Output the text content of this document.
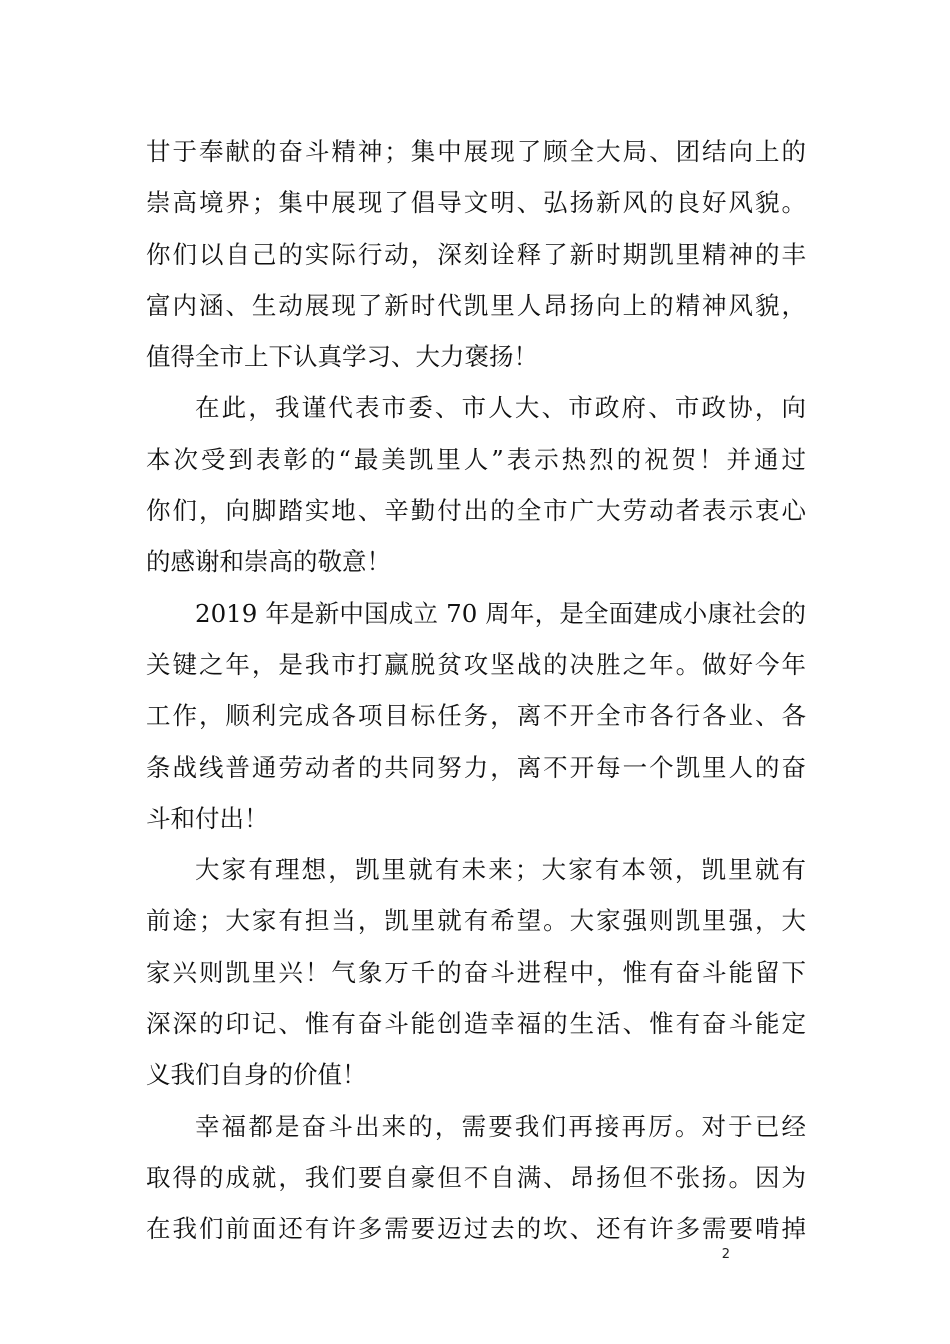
甘于奉献的奋斗精神；集中展现了顾全大局、团结向上的
崇高境界；集中展现了倡导文明、弘扬新风的良好风貌。
你们以自己的实际行动，深刻诠释了新时期凯里精神的丰
富内涵、生动展现了新时代凯里人昂扬向上的精神风貌，
值得全市上下认真学习、大力褒扬！
在此，我谨代表市委、市人大、市政府、市政协，向
本次受到表彰的“最美凯里人”表示热烈的祝贺！并通过
你们，向脚踏实地、辛勤付出的全市广大劳动者表示衷心
的感谢和崇高的敬意！
2019 年是新中国成立 70 周年，是全面建成小康社会的
关键之年，是我市打赢脱贫攻坚战的决胜之年。做好今年
工作，顺利完成各项目标任务，离不开全市各行各业、各
条战线普通劳动者的共同努力，离不开每一个凯里人的奋
斗和付出！
大家有理想，凯里就有未来；大家有本领，凯里就有
前途；大家有担当，凯里就有希望。大家强则凯里强，大
家兴则凯里兴！气象万千的奋斗进程中，惟有奋斗能留下
深深的印记、惟有奋斗能创造幸福的生活、惟有奋斗能定
义我们自身的价值！
幸福都是奋斗出来的，需要我们再接再厉。对于已经
取得的成就，我们要自豪但不自满、昂扬但不张扬。因为
在我们前面还有许多需要迈过去的坎、还有许多需要啃掉
2
